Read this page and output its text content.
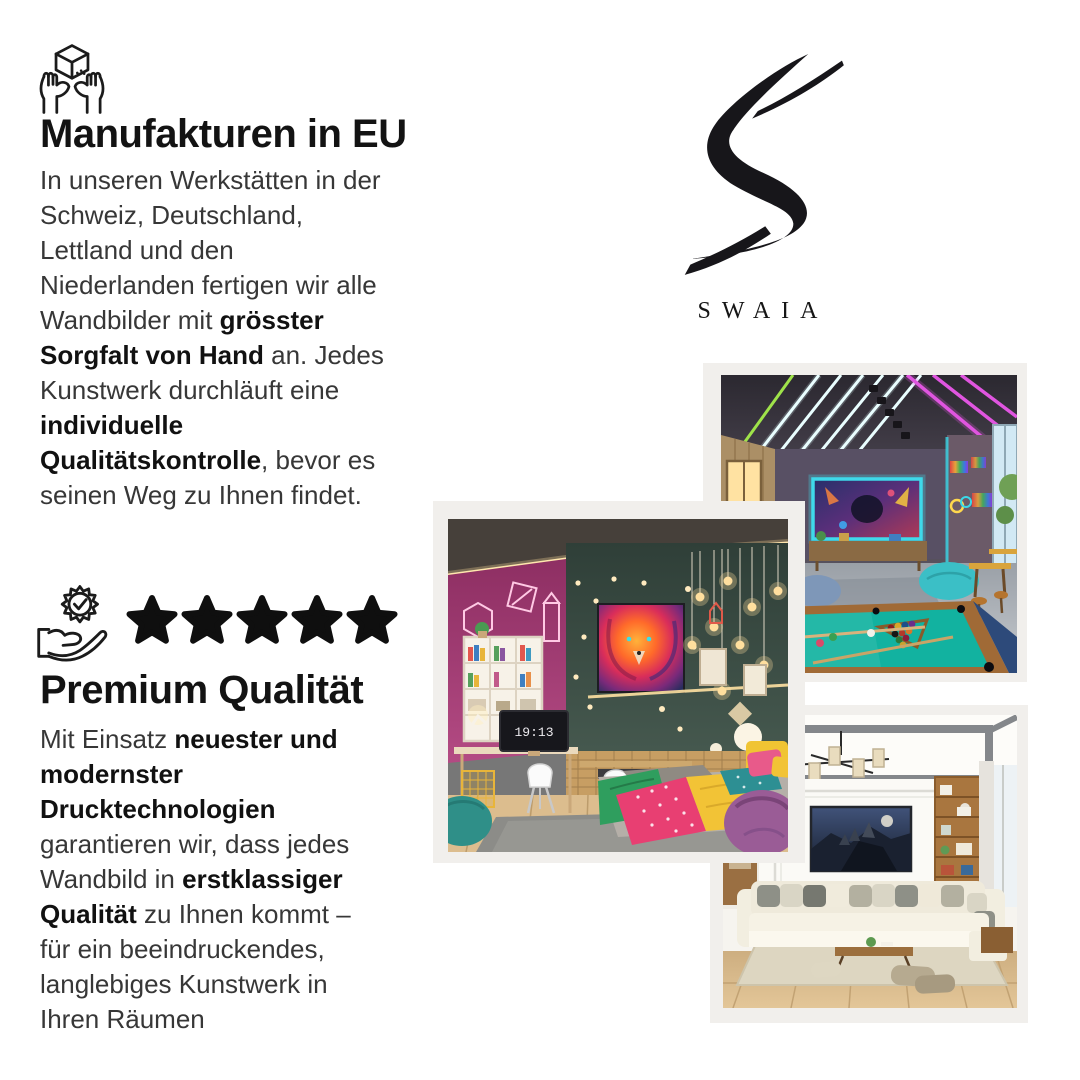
Manufakturen in EU

In unseren Werkstätten in der
Schweiz, Deutschland,
Lettland und den
Niederlanden fertigen wir alle
Wandbilder mit grösster
Sorgfalt von Hand an. Jedes
Kunstwerk durchläuft eine
individuelle
Qualitätskontrolle, bevor es
seinen Weg zu Ihnen findet.

Premium Qualität

Mit Einsatz neuester und
modernster
Drucktechnologien
garantieren wir, dass jedes
Wandbild in erstklassiger
Qualität zu Ihnen kommt –
für ein beeindruckendes,
langlebiges Kunstwerk in
Ihren Räumen

SWAIA
19:13
